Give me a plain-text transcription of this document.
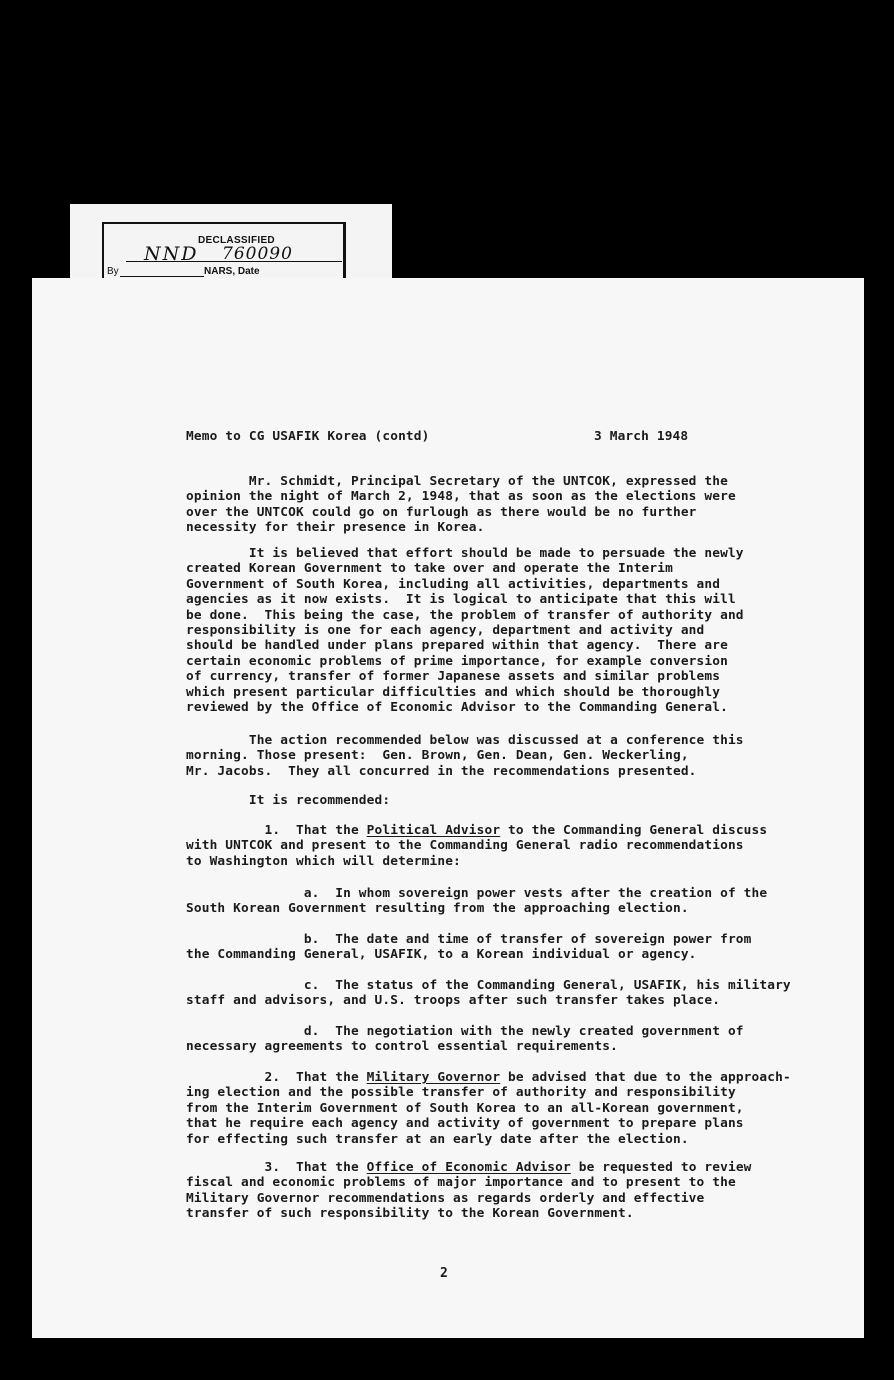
DECLASSIFIED
NND 760090
By	NARS, Date
Memo to CG USAFIK Korea (contd)	3 March 1948
Mr. Schmidt, Principal Secretary of the UNTCOK, expressed the
opinion the night of March 2, 1948, that as soon as the elections were
over the UNTCOK could go on furlough as there would be no further
necessity for their presence in Korea.
It is believed that effort should be made to persuade the newly
created Korean Government to take over and operate the Interim
Government of South Korea, including all activities, departments and
agencies as it now exists.  It is logical to anticipate that this will
be done.  This being the case, the problem of transfer of authority and
responsibility is one for each agency, department and activity and
should be handled under plans prepared within that agency.  There are
certain economic problems of prime importance, for example conversion
of currency, transfer of former Japanese assets and similar problems
which present particular difficulties and which should be thoroughly
reviewed by the Office of Economic Advisor to the Commanding General.
The action recommended below was discussed at a conference this
morning. Those present:  Gen. Brown, Gen. Dean, Gen. Weckerling,
Mr. Jacobs.  They all concurred in the recommendations presented.
It is recommended:
1.  That the Political Advisor to the Commanding General discuss
with UNTCOK and present to the Commanding General radio recommendations
to Washington which will determine:
a.  In whom sovereign power vests after the creation of the
South Korean Government resulting from the approaching election.
b.  The date and time of transfer of sovereign power from
the Commanding General, USAFIK, to a Korean individual or agency.
c.  The status of the Commanding General, USAFIK, his military
staff and advisors, and U.S. troops after such transfer takes place.
d.  The negotiation with the newly created government of
necessary agreements to control essential requirements.
2.  That the Military Governor be advised that due to the approach-
ing election and the possible transfer of authority and responsibility
from the Interim Government of South Korea to an all-Korean government,
that he require each agency and activity of government to prepare plans
for effecting such transfer at an early date after the election.
3.  That the Office of Economic Advisor be requested to review
fiscal and economic problems of major importance and to present to the
Military Governor recommendations as regards orderly and effective
transfer of such responsibility to the Korean Government.
2
